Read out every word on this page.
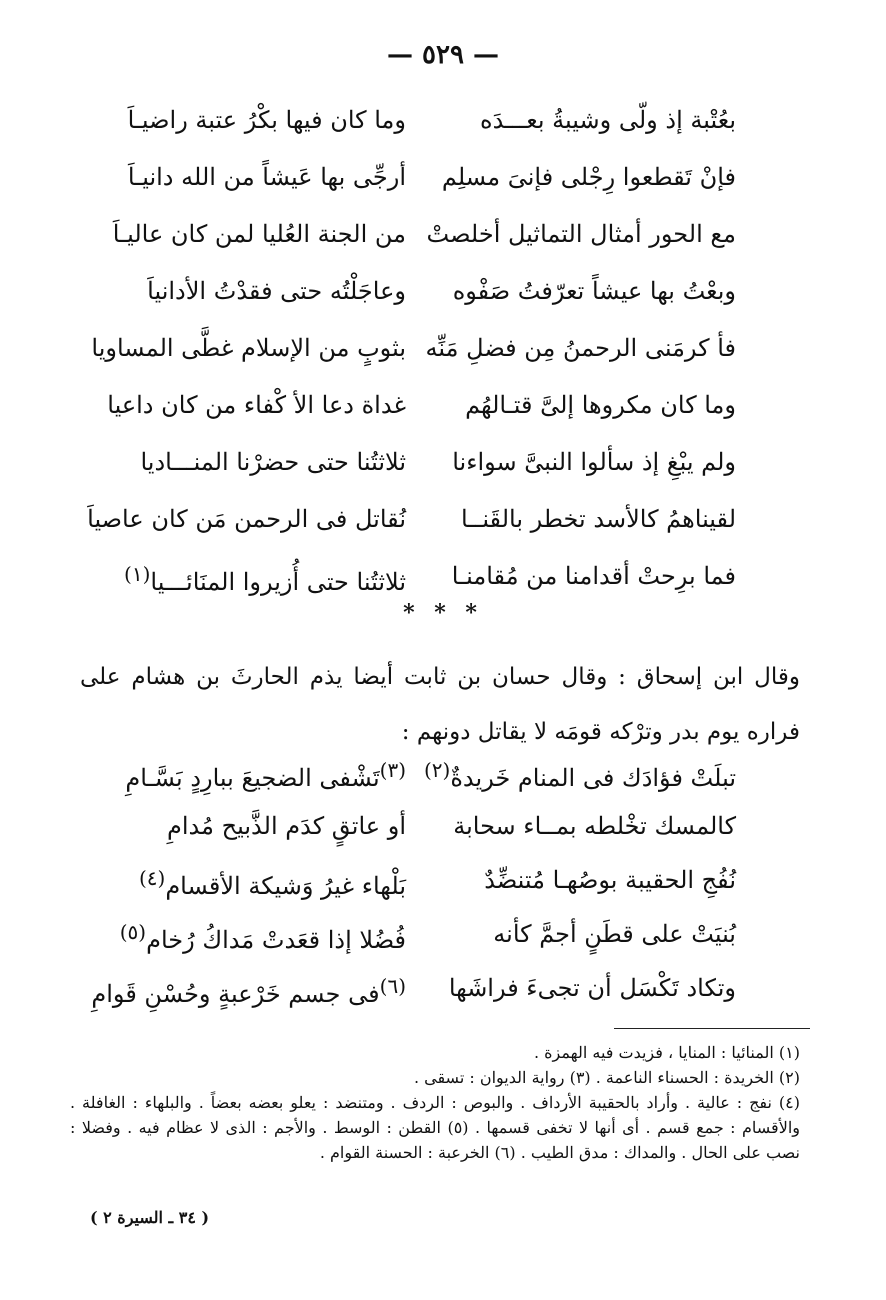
— ٥٢٩ —
بعُتْبة إذ ولّى وشيبةُ بعـــدَه
وما كان فيها بكْرُ عتبة راضيـاَ
فإنْ تَقطعوا رِجْلى فإنىَ مسلِم
أرجِّى بها عَيشاً من الله دانيـاَ
مع الحور أمثال التماثيل أخلصتْ
من الجنة العُليا لمن كان عاليـاَ
وبعْتُ بها عيشاً تعرّفتُ صَفْوه
وعاجَلْتُه حتى فقدْتُ الأدانياَ
فأ كرمَنى الرحمنُ مِن فضلِ مَنِّه
بثوبٍ من الإسلام غطَّى المساويا
وما كان مكروها إلىَّ قتـالهُم
غداة دعا الأ كْفاء من كان داعيا
ولم يبْغِ إذ سألوا النبىَّ سواءنا
ثلاثتُنا حتى حضرْنا المنـــاديا
لقيناهمُ كالأسد تخطر بالقَنــا
نُقاتل فى الرحمن مَن كان عاصياَ
فما برِحتْ أقدامنا من مُقامنـا
ثلاثتُنا حتى أُزيروا المنَائـــيا$^{(١)}$
* * *
وقال ابن إسحاق : وقال حسان بن ثابت أيضا يذم الحارثَ بن هشام على فراره يوم بدر وترْكه قومَه لا يقاتل دونهم :
تبلَتْ فؤادَك فى المنام خَريدةٌ$^{(٢)}$
$^{(٣)}$تَشْفى الضجيعَ ببارِدٍ بَسَّـامِ
كالمسك تخْلطه بمــاء سحابة
أو عاتقٍ كدَم الذَّبيح مُدامِ
نُفُجِ الحقيبة بوصُهـا مُتنضِّدٌ
بَلْهاء غيرُ وَشيكة الأقسام$^{(٤)}$
بُنيَتْ على قطَنٍ أجمَّ كأنه
فُضُلا إذا قعَدتْ مَداكُ رُخام$^{(٥)}$
وتكاد تَكْسَل أن تجىءَ فراشَها
$^{(٦)}$فى جسم خَرْعبةٍ وحُسْنِ قَوامِ
(١) المنائيا : المنايا ، فزيدت فيه الهمزة .
(٢) الخريدة : الحسناء الناعمة . (٣) رواية الديوان : تسقى .
(٤) نفج : عالية . وأراد بالحقيبة الأرداف . والبوص : الردف . ومتنضد : يعلو بعضه بعضاً . والبلهاء : الغافلة . والأقسام : جمع قسم . أى أنها لا تخفى قسمها . (٥) القطن : الوسط . والأجم : الذى لا عظام فيه . وفضلا : نصب على الحال . والمداك : مدق الطيب . (٦) الخرعبة : الحسنة القوام .
( ٣٤ ـ السيرة ٢ )
